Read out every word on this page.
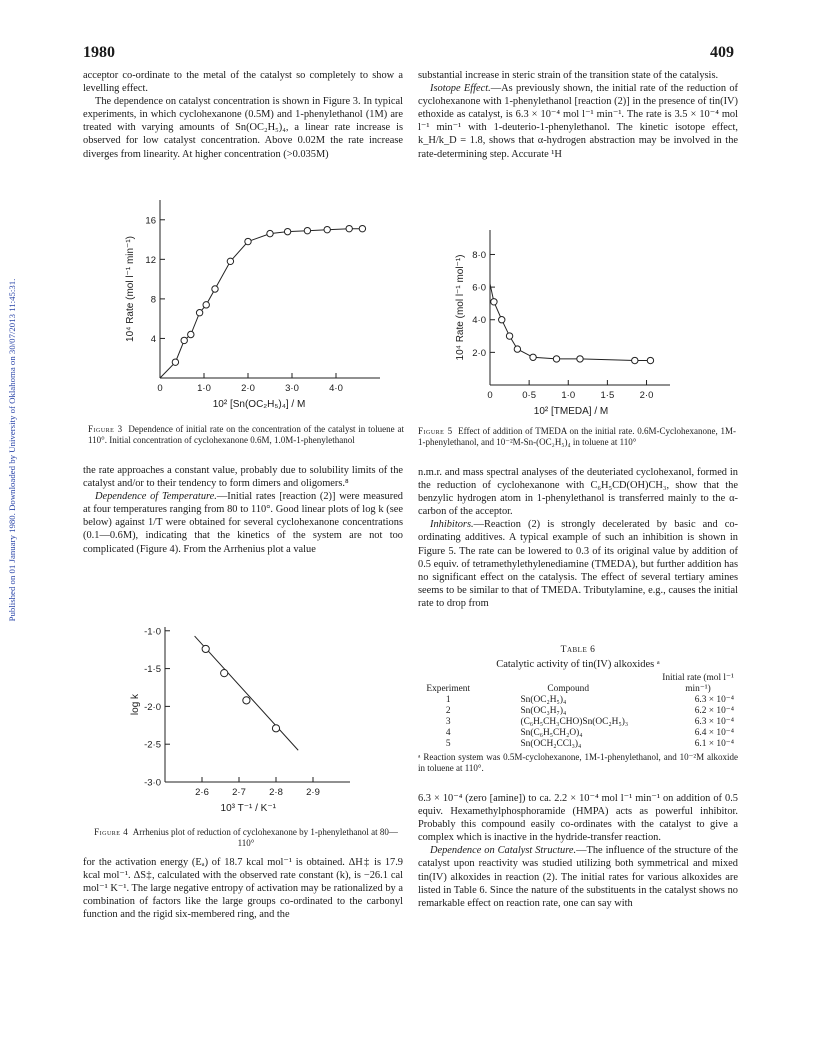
Published on 01 January 1980. Downloaded by University of Oklahoma on 30/07/2013 11:45:31.
1980	409

acceptor co-ordinate to the metal of the catalyst so completely to show a levelling effect.

The dependence on catalyst concentration is shown in Figure 3. In typical experiments, in which cyclohexanone (0.5M) and 1-phenylethanol (1M) are treated with varying amounts of Sn(OC₂H₅)₄, a linear rate increase is observed for low catalyst concentration. Above 0.02M the rate increase diverges from linearity. At higher concentration (>0.035M)

4
8
12
16
0	1·0	2·0	3·0	4·0
10² [Sn(OC₂H₅)₄] / M
10⁴ Rate (mol l⁻¹ min⁻¹)
Figure 3 Dependence of initial rate on the concentration of the catalyst in toluene at 110°. Initial concentration of cyclohexanone 0.6M, 1.0M-1-phenylethanol

the rate approaches a constant value, probably due to solubility limits of the catalyst and/or to their tendency to form dimers and oligomers.⁸

Dependence of Temperature.—Initial rates [reaction (2)] were measured at four temperatures ranging from 80 to 110°. Good linear plots of log k (see below) against 1/T were obtained for several cyclohexanone concentrations (0.1—0.6M), indicating that the kinetics of the system are not too complicated (Figure 4). From the Arrhenius plot a value

-1·0
-1·5
-2·0
-2·5
-3·0
2·6 2·7 2·8 2·9
10³ T⁻¹ / K⁻¹
log k
Figure 4 Arrhenius plot of reduction of cyclohexanone by 1-phenylethanol at 80—110°

for the activation energy (Eₐ) of 18.7 kcal mol⁻¹ is obtained. ΔH‡ is 17.9 kcal mol⁻¹. ΔS‡, calculated with the observed rate constant (k), is −26.1 cal mol⁻¹ K⁻¹. The large negative entropy of activation may be rationalized by a combination of factors like the large groups co-ordinated to the carbonyl function and the rigid six-membered ring, and the

substantial increase in steric strain of the transition state of the catalysis.

Isotope Effect.—As previously shown, the initial rate of the reduction of cyclohexanone with 1-phenylethanol [reaction (2)] in the presence of tin(IV) ethoxide as catalyst, is 6.3 × 10⁻⁴ mol l⁻¹ min⁻¹. The rate is 3.5 × 10⁻⁴ mol l⁻¹ min⁻¹ with 1-deuterio-1-phenylethanol. The kinetic isotope effect, k_H/k_D = 1.8, shows that α-hydrogen abstraction may be involved in the rate-determining step. Accurate ¹H

2·0
4·0
6·0
8·0
0	0·5	1·0	1·5	2·0
10² [TMEDA] / M
10⁴ Rate (mol l⁻¹ mol⁻¹)
Figure 5 Effect of addition of TMEDA on the initial rate. 0.6M-Cyclohexanone, 1M-1-phenylethanol, and 10⁻²M-Sn-(OC₂H₅)₄ in toluene at 110°

n.m.r. and mass spectral analyses of the deuteriated cyclohexanol, formed in the reduction of cyclohexanone with C₆H₅CD(OH)CH₃, show that the benzylic hydrogen atom in 1-phenylethanol is transferred mainly to the α-carbon of the acceptor.

Inhibitors.—Reaction (2) is strongly decelerated by basic and co-ordinating additives. A typical example of such an inhibition is shown in Figure 5. The rate can be lowered to 0.3 of its original value by addition of 0.5 equiv. of tetramethylethylenediamine (TMEDA), but further addition has no significant effect on the catalysis. The effect of several tertiary amines seems to be similar to that of TMEDA. Tributylamine, e.g., causes the initial rate to drop from

Table 6
Catalytic activity of tin(IV) alkoxides ᵃ
Experiment	Compound	Initial rate (mol l⁻¹ min⁻¹)
1	Sn(OC₂H₅)₄	6.3 × 10⁻⁴
2	Sn(OC₃H₇)₄	6.2 × 10⁻⁴
3	(C₆H₅CH₃CHO)Sn(OC₂H₅)₃	6.3 × 10⁻⁴
4	Sn(C₆H₅CH₂O)₄	6.4 × 10⁻⁴
5	Sn(OCH₂CCl₃)₄	6.1 × 10⁻⁴
ᵃ Reaction system was 0.5M-cyclohexanone, 1M-1-phenylethanol, and 10⁻²M alkoxide in toluene at 110°.

6.3 × 10⁻⁴ (zero [amine]) to ca. 2.2 × 10⁻⁴ mol l⁻¹ min⁻¹ on addition of 0.5 equiv. Hexamethylphosphoramide (HMPA) acts as powerful inhibitor. Probably this compound easily co-ordinates with the catalyst to give a complex which is inactive in the hydride-transfer reaction.

Dependence on Catalyst Structure.—The influence of the structure of the catalyst upon reactivity was studied utilizing both symmetrical and mixed tin(IV) alkoxides in reaction (2). The initial rates for various alkoxides are listed in Table 6. Since the nature of the substituents in the catalyst shows no remarkable effect on reaction rate, one can say with
